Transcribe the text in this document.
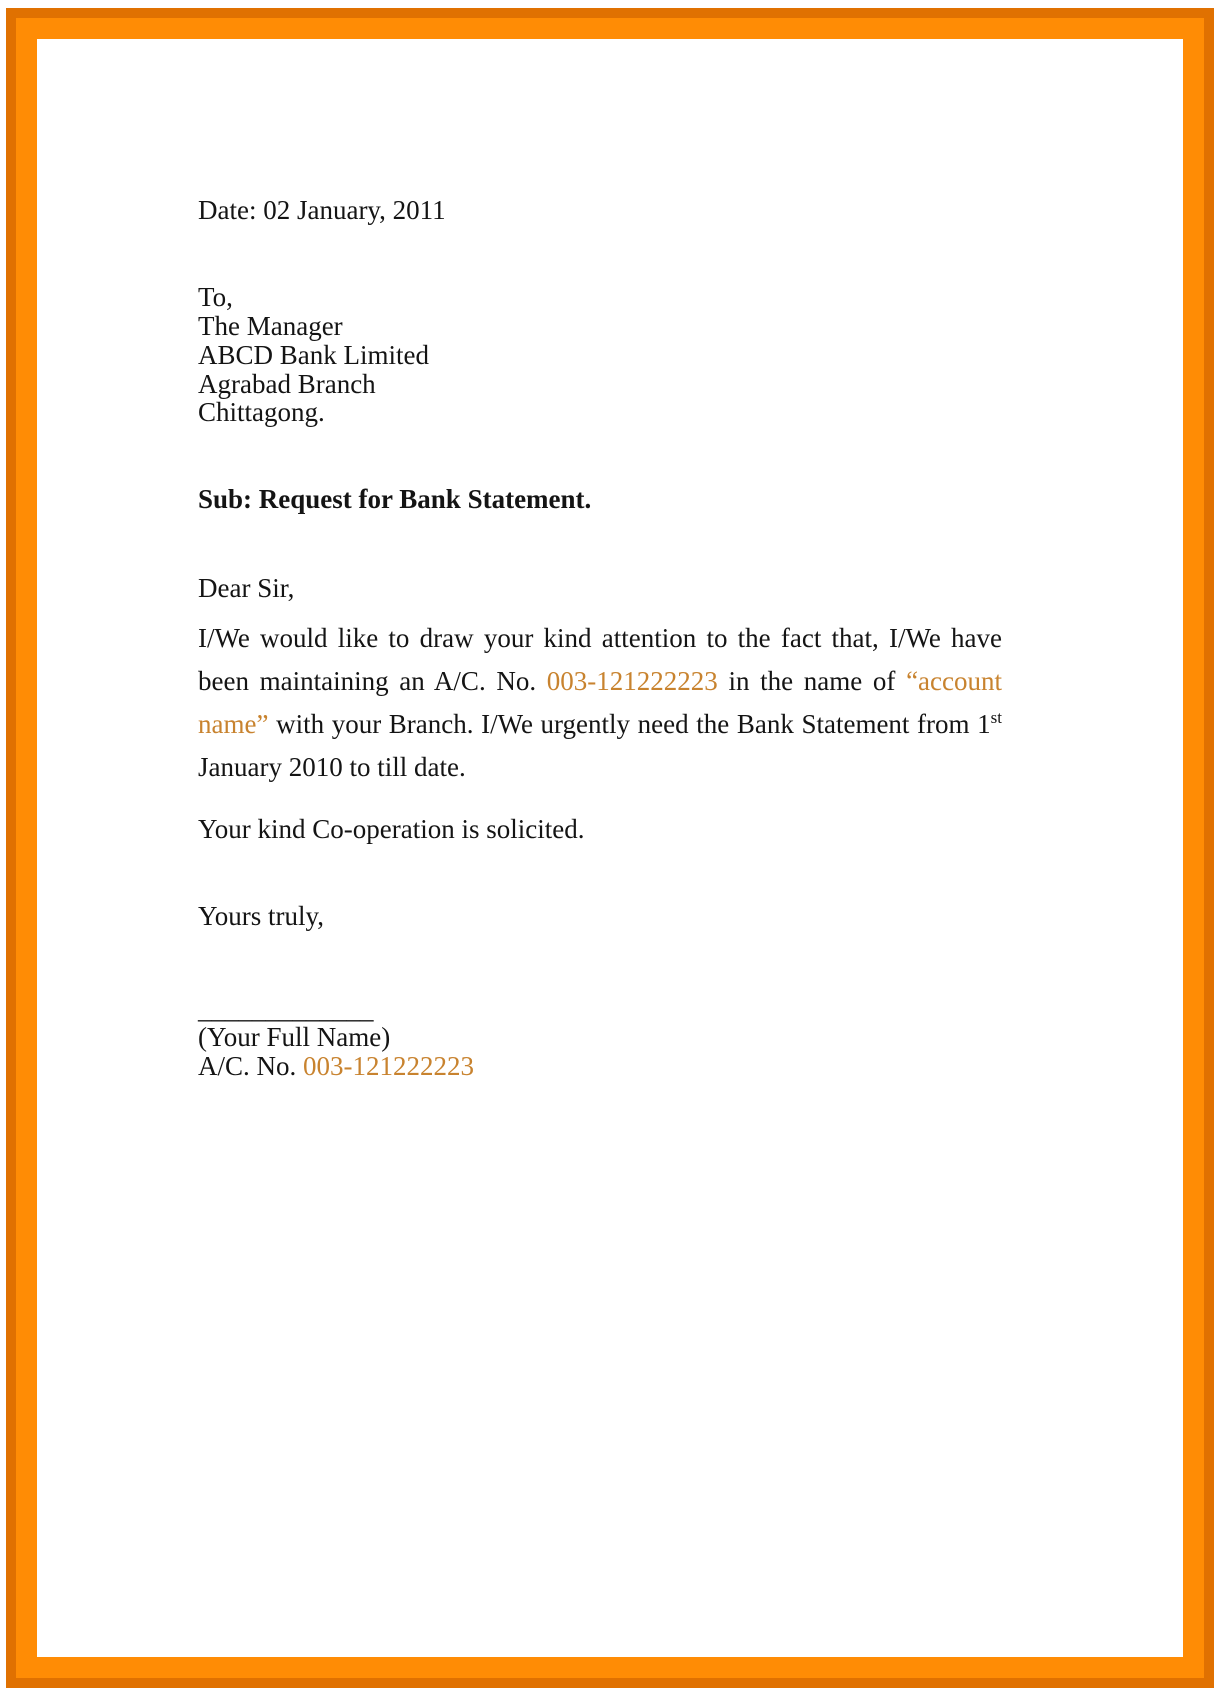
Date: 02 January, 2011
To,
The Manager
ABCD Bank Limited
Agrabad Branch
Chittagong.
Sub: Request for Bank Statement.
Dear Sir,

I/We would like to draw your kind attention to the fact that, I/We have been maintaining an A/C. No. 003-121222223 in the name of “account name” with your Branch. I/We urgently need the Bank Statement from 1st January 2010 to till date.

Your kind Co-operation is solicited.
Yours truly,
_____________
(Your Full Name)
A/C. No. 003-121222223
